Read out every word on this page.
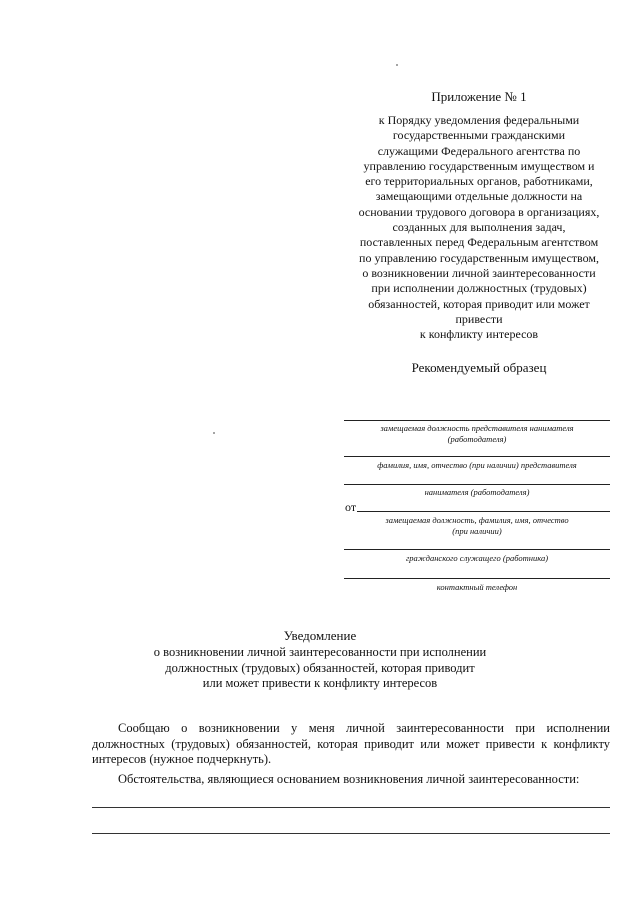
Приложение № 1
к Порядку уведомления федеральными
государственными гражданскими
служащими Федерального агентства по
управлению государственным имуществом и
его территориальных органов, работниками,
замещающими отдельные должности на
основании трудового договора в организациях,
созданных для выполнения задач,
поставленных перед Федеральным агентством
по управлению государственным имуществом,
о возникновении личной заинтересованности
при исполнении должностных (трудовых)
обязанностей, которая приводит или может
привести
к конфликту интересов
Рекомендуемый образец
замещаемая должность представителя нанимателя
(работодателя)
фамилия, имя, отчество (при наличии) представителя
нанимателя (работодателя)
от
замещаемая должность, фамилия, имя, отчество
(при наличии)
гражданского служащего (работника)
контактный телефон
Уведомление
о возникновении личной заинтересованности при исполнении
должностных (трудовых) обязанностей, которая приводит
или может привести к конфликту интересов
Сообщаю о возникновении у меня личной заинтересованности при исполнении должностных (трудовых) обязанностей, которая приводит или может привести к конфликту интересов (нужное подчеркнуть).
Обстоятельства, являющиеся основанием возникновения личной заинтересованности:
